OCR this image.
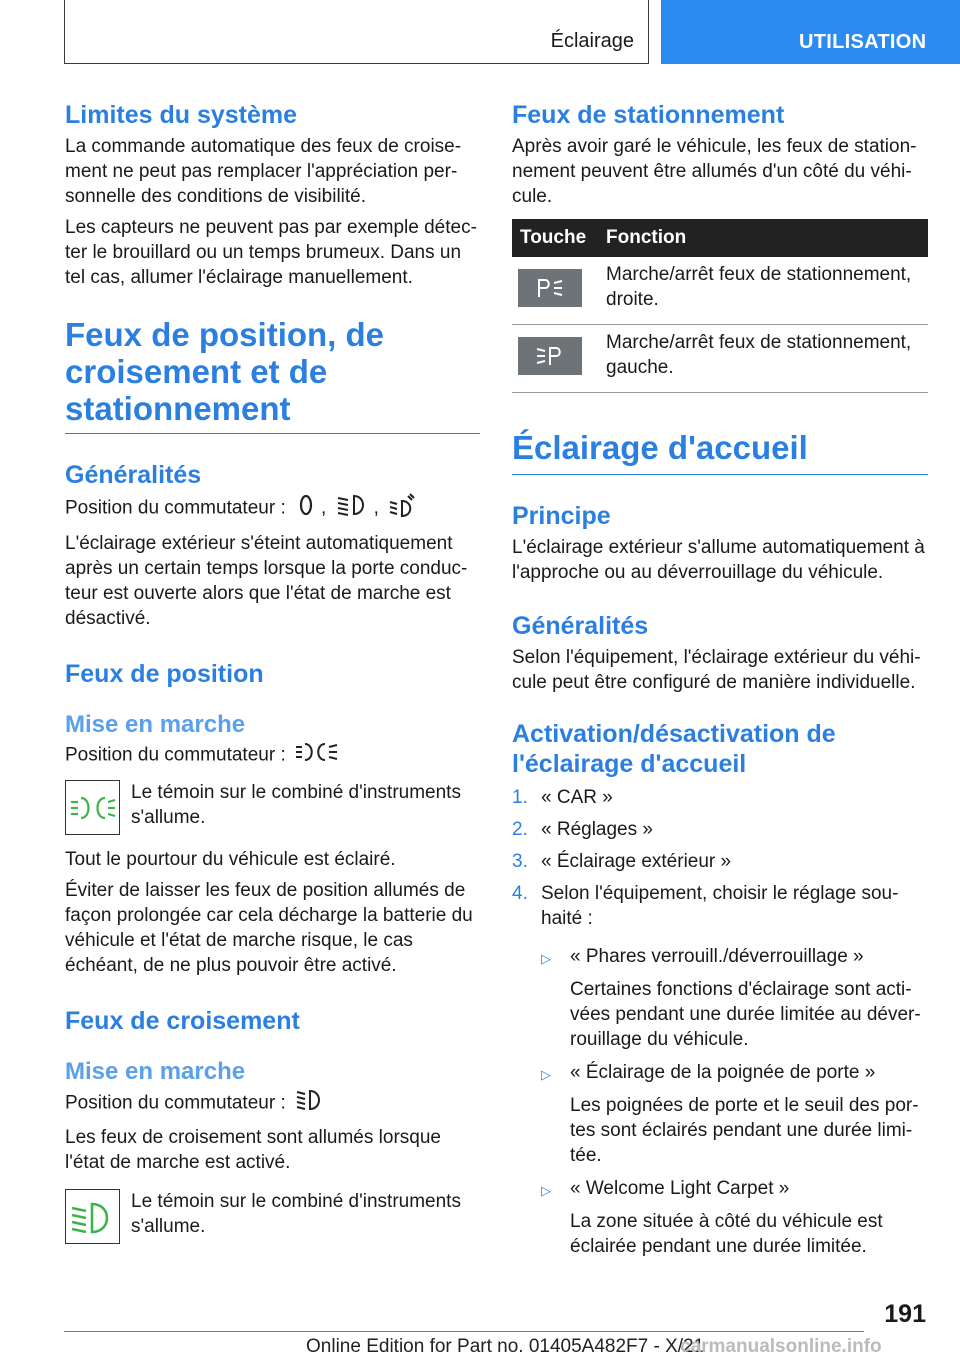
Éclairage	UTILISATION
Limites du système

La commande automatique des feux de croise-ment ne peut pas remplacer l'appréciation per-sonnelle des conditions de visibilité.

Les capteurs ne peuvent pas par exemple détec-ter le brouillard ou un temps brumeux. Dans un tel cas, allumer l'éclairage manuellement.

Feux de position, de croisement et de stationnement
Généralités

Position du commutateur : , ,

L'éclairage extérieur s'éteint automatiquement après un certain temps lorsque la porte conduc-teur est ouverte alors que l'état de marche est désactivé.

Feux de position
Mise en marche

Position du commutateur :

Le témoin sur le combiné d'instruments s'allume.

Tout le pourtour du véhicule est éclairé.

Éviter de laisser les feux de position allumés de façon prolongée car cela décharge la batterie du véhicule et l'état de marche risque, le cas échéant, de ne plus pouvoir être activé.

Feux de croisement
Mise en marche

Position du commutateur :

Les feux de croisement sont allumés lorsque l'état de marche est activé.

Le témoin sur le combiné d'instruments s'allume.
Feux de stationnement

Après avoir garé le véhicule, les feux de station-nement peuvent être allumés d'un côté du véhi-cule.

Touche	Fonction

	Marche/arrêt feux de stationnement, droite.

	Marche/arrêt feux de stationnement, gauche.
Éclairage d'accueil
Principe

L'éclairage extérieur s'allume automatiquement à l'approche ou au déverrouillage du véhicule.

Généralités

Selon l'équipement, l'éclairage extérieur du véhi-cule peut être configuré de manière individuelle.

Activation/désactivation de l'éclairage d'accueil
1. « CAR »
2. « Réglages »
3. « Éclairage extérieur »
4. Selon l'équipement, choisir le réglage sou-haité :
▷	« Phares verrouill./déverrouillage »
Certaines fonctions d'éclairage sont acti-vées pendant une durée limitée au déver-rouillage du véhicule.
▷	« Éclairage de la poignée de porte »
Les poignées de porte et le seuil des por-tes sont éclairés pendant une durée limi-tée.
▷	« Welcome Light Carpet »
La zone située à côté du véhicule est éclairée pendant une durée limitée.
191
Online Edition for Part no. 01405A482F7 - X/21
carmanualsonline.info
